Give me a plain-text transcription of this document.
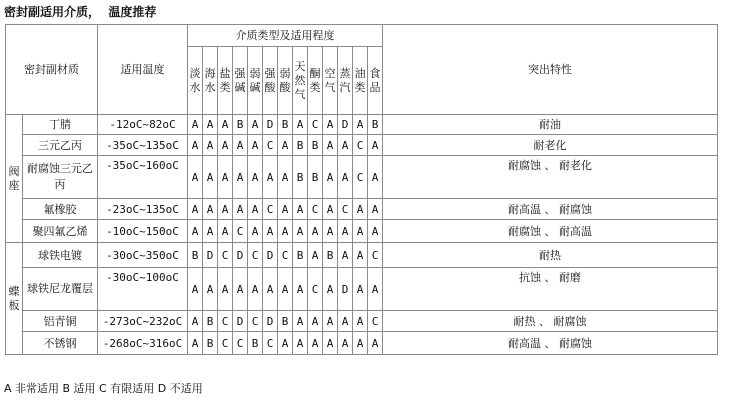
密封副适用介质，  温度推荐
密封副材质		适用温度	介质类型及适用程度													突出特性
			淡水	海水	盐类	强碱	弱碱	强酸	弱酸	天然气	酮类	空气	蒸汽	油类	食品	
阀座	丁腈	-12oC~82oC	A	A	A	B	A	D	B	A	C	A	D	A	B	耐油
	三元乙丙	-35oC~135oC	A	A	A	A	A	C	A	B	B	A	A	C	A	耐老化

	耐腐蚀三元乙丙	-35oC~160oC	A	A	A	A	A	A	A	B	B	A	A	C	A	耐腐蚀 、 耐老化
	氟橡胶	-23oC~135oC	A	A	A	A	A	C	A	A	C	A	C	A	A	耐高温 、 耐腐蚀
	聚四氟乙烯	-10oC~150oC	A	A	A	C	A	A	A	A	A	A	A	A	A	耐腐蚀 、 耐高温
蝶板	球铁电镀	-30oC~350oC	B	D	C	D	C	D	C	B	A	B	A	A	C	耐热

	球铁尼龙覆层	-30oC~100oC	A	A	A	A	A	A	A	A	C	A	D	A	A	抗蚀 、 耐磨
	铝青铜	-273oC~232oC	A	B	C	D	C	D	B	A	A	A	A	A	C	耐热 、 耐腐蚀
	不锈钢	-268oC~316oC	A	B	C	C	B	C	A	A	A	A	A	A	A	耐高温 、 耐腐蚀
A 非常适用 B 适用 C 有限适用 D 不适用
